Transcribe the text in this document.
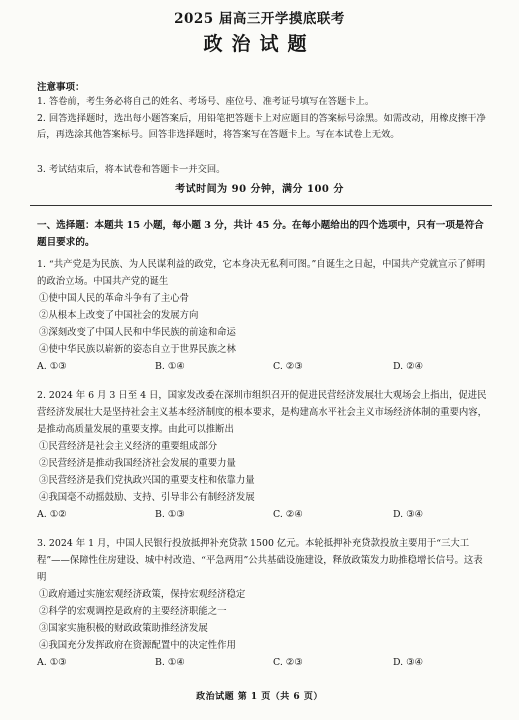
2025 届高三开学摸底联考
政治试题
注意事项：
1. 答卷前，考生务必将自己的姓名、考场号、座位号、准考证号填写在答题卡上。
2. 回答选择题时，选出每小题答案后，用铅笔把答题卡上对应题目的答案标号涂黑。如需改动，用橡皮擦干净后，再选涂其他答案标号。回答非选择题时，将答案写在答题卡上。写在本试卷上无效。
3. 考试结束后，将本试卷和答题卡一并交回。
考试时间为 90 分钟，满分 100 分
一、选择题：本题共 15 小题，每小题 3 分，共计 45 分。在每小题给出的四个选项中，只有一项是符合题目要求的。

1. “共产党是为民族、为人民谋利益的政党，它本身决无私利可图。”自诞生之日起，中国共产党就宣示了鲜明的政治立场。中国共产党的诞生

①使中国人民的革命斗争有了主心骨

②从根本上改变了中国社会的发展方向

③深刻改变了中国人民和中华民族的前途和命运

④使中华民族以崭新的姿态自立于世界民族之林

A. ①③	B. ①④	C. ②③	D. ②④

2. 2024 年 6 月 3 日至 4 日，国家发改委在深圳市组织召开的促进民营经济发展壮大观场会上指出，促进民营经济发展壮大是坚持社会主义基本经济制度的根本要求，是构建高水平社会主义市场经济体制的重要内容，是推动高质量发展的重要支撑。由此可以推断出

①民营经济是社会主义经济的重要组成部分

②民营经济是推动我国经济社会发展的重要力量

③民营经济是我们党执政兴国的重要支柱和依靠力量

④我国毫不动摇鼓励、支持、引导非公有制经济发展

A. ①②	B. ①③	C. ②④	D. ③④

3. 2024 年 1 月，中国人民银行投放抵押补充贷款 1500 亿元。本轮抵押补充贷款投放主要用于“三大工程”——保障性住房建设、城中村改造、“平急两用”公共基础设施建设，释放政策发力助推稳增长信号。这表明

①政府通过实施宏观经济政策，保持宏观经济稳定

②科学的宏观调控是政府的主要经济职能之一

③国家实施积极的财政政策助推经济发展

④我国充分发挥政府在资源配置中的决定性作用

A. ①③	B. ①④	C. ②③	D. ③④
政治试题 第 1 页（共 6 页）
